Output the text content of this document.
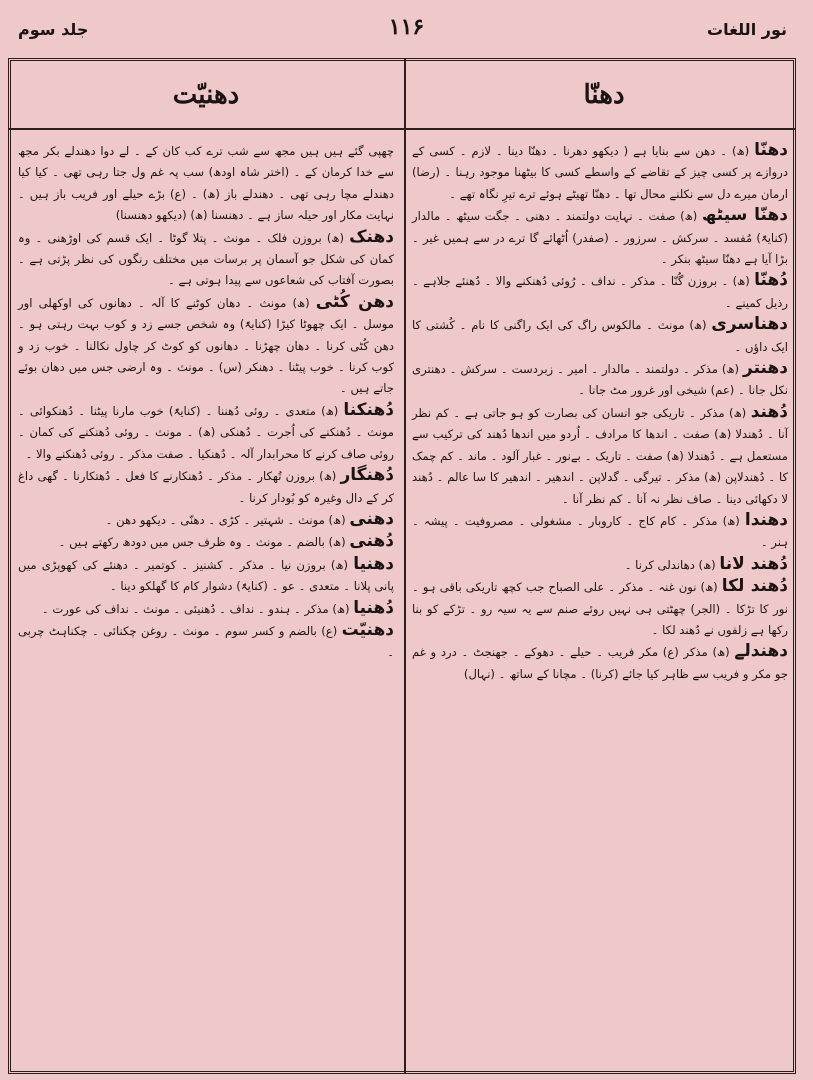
نور اللغات
۱۱۶
جلد سوم
دھنّا
دھنیّت

دھنّا (ھ) ۔ دھن سے بنایا ہے ( دیکھو دھرنا ۔ دھنّا دینا ۔ لازم ۔ کسی کے دروازے پر کسی چیز کے تقاضے کے واسطے کسی کا بیٹھنا موجود رہنا ۔ (رضا) ارمان میرے دل سے نکلنے محال تھا ۔ دھنّا تھیٹے ہوئے ترے تیرِ نگاہ تھے ۔

دھنّا سیٹھ (ھ) صفت ۔ نہایت دولتمند ۔ دھنی ۔ جگت سیٹھ ۔ مالدار (کنایۃً) مُفسد ۔ سرکش ۔ سرزور ۔ (صفدر) اُٹھائے گا ترے در سے ہمیں غیر ۔ بڑا آیا ہے دھنّا سیٹھ بنکر ۔

دُھنّا (ھ) ۔ بروزن گُنّا ۔ مذکر ۔ نداف ۔ رُوئی دُھنکنے والا ۔ دُھنئے جلاہے ۔ رذیل کمینے ۔

دھناسری (ھ) مونث ۔ مالکوس راگ کی ایک راگنی کا نام ۔ کُشتی کا ایک داؤں ۔

دھنتر (ھ) مذکر ۔ دولتمند ۔ مالدار ۔ امیر ۔ زبردست ۔ سرکش ۔ دھنتری نکل جانا ۔ (عم) شیخی اور غرور مٹ جانا ۔

دُھند (ھ) مذکر ۔ تاریکی جو انسان کی بصارت کو ہو جاتی ہے ۔ کم نظر آنا ۔ دُھندلا (ھ) صفت ۔ اندھا کا مرادف ۔ اُردو میں اندھا دُھند کی ترکیب سے مستعمل ہے ۔ دُھندلا (ھ) صفت ۔ تاریک ۔ بےنور ۔ غبار آلود ۔ ماند ۔ کم چمک کا ۔ دُھندلاپن (ھ) مذکر ۔ تیرگی ۔ گدلاپن ۔ اندھیر ۔ اندھیر کا سا عالم ۔ دُھند لا دکھائی دینا ۔ صاف نظر نہ آنا ۔ کم نظر آنا ۔

دھندا (ھ) مذکر ۔ کام کاج ۔ کاروبار ۔ مشغولی ۔ مصروفیت ۔ پیشہ ۔ ہنر ۔

دُھند لانا (ھ) دھاندلی کرنا ۔

دُھند لکا (ھ) نون غنہ ۔ مذکر ۔ علی الصباح جب کچھ تاریکی باقی ہو ۔ نور کا تڑکا ۔ (الجر) چھٹتی ہی نہیں روئے صنم سے یہ سیہ رو ۔ تڑکے کو بنا رکھا ہے زلفوں نے دُھند لکا ۔

دھندلے (ھ) مذکر (ع) مکر فریب ۔ حیلے ۔ دھوکے ۔ جھنجٹ ۔ درد و غم جو مکر و فریب سے ظاہر کیا جائے (کرنا) ۔ مچانا کے ساتھ ۔ (نہال)

چھپی گئے ہیں ہیں مجھ سے شب ترے کب کان کے ۔ لے دوا دھندلے بکر مجھ سے خدا کرمان کے ۔ (اختر شاہ اودھ) سب پہ غم ول جتا رہی تھی ۔ کیا کیا دھندلے مچا رہی تھی ۔ دھندلے باز (ھ) ۔ (ع) بڑے حیلے اور فریب باز ہیں ۔ نہایت مکار اور حیلہ ساز ہے ۔ دھنسنا (ھ) (دیکھو دھنسنا)

دھنک (ھ) بروزن فلک ۔ مونث ۔ پتلا گوٹا ۔ ایک قسم کی اوڑھنی ۔ وہ کمان کی شکل جو آسمان پر برسات میں مختلف رنگوں کی نظر پڑتی ہے ۔ بصورت آفتاب کی شعاعوں سے پیدا ہوتی ہے ۔

دھن کُٹی (ھ) مونث ۔ دھان کوٹنے کا آلہ ۔ دھانوں کی اوکھلی اور موسل ۔ ایک چھوٹا کیڑا (کنایۃً) وہ شخص جسے زد و کوب بہت رہتی ہو ۔ دھن کُٹی کرنا ۔ دھان چھڑنا ۔ دھانوں کو کوٹ کر چاول نکالنا ۔ خوب زد و کوب کرنا ۔ خوب پیٹنا ۔ دھنکر (س) ۔ مونث ۔ وہ ارضی جس میں دھان بوئے جاتے ہیں ۔

دُھنکنا (ھ) متعدی ۔ روئی دُھننا ۔ (کنایۃً) خوب مارنا پیٹنا ۔ دُھنکوائی ۔ مونث ۔ دُھنکنے کی اُجرت ۔ دُھنکی (ھ) ۔ مونث ۔ روئی دُھنکنے کی کمان ۔ روئی صاف کرنے کا محرابدار آلہ ۔ دُھنکیا ۔ صفت مذکر ۔ روئی دُھنکنے والا ۔

دُھنگار (ھ) بروزن تُھکار ۔ مذکر ۔ دُھنکارنے کا فعل ۔ دُھتکارنا ۔ گھی داغ کر کے دال وغیرہ کو بُودار کرنا ۔

دھنی (ھ) مونث ۔ شہتیر ۔ کڑی ۔ دھنّی ۔ دیکھو دھن ۔

دُھنی (ھ) بالضم ۔ مونث ۔ وہ ظرف جس میں دودھ رکھتے ہیں ۔

دھنیا (ھ) بروزن نیا ۔ مذکر ۔ کشنیز ۔ کوتمیر ۔ دھنئے کی کھوپڑی میں پانی پلانا ۔ متعدی ۔ عو ۔ (کنایۃً) دشوار کام کا گھلکو دینا ۔

دُھنیا (ھ) مذکر ۔ ہندو ۔ نداف ۔ دُھنیئی ۔ مونث ۔ نداف کی عورت ۔

دھنیّت (ع) بالضم و کسر سوم ۔ مونث ۔ روغن چکنائی ۔ چکناہٹ چربی ۔
